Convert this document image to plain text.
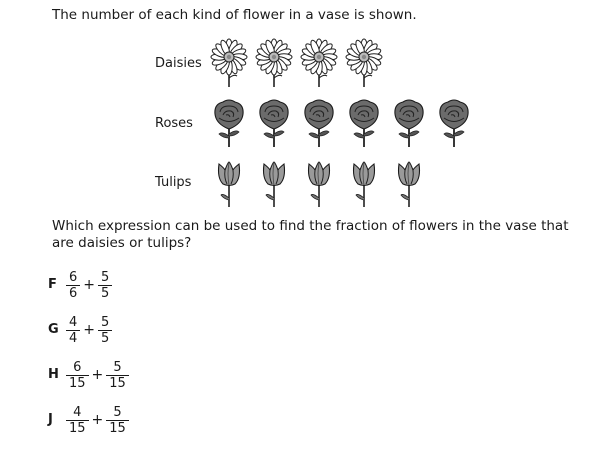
The number of each kind of flower in a vase is shown.
Daisies
Roses
Tulips
Which expression can be used to find the fraction of flowers in the vase that are daisies or tulips?
F $\frac{6}{6} + \frac{5}{5}$
G $\frac{4}{4} + \frac{5}{5}$
H $\frac{6}{15} + \frac{5}{15}$
J $\frac{4}{15} + \frac{5}{15}$
